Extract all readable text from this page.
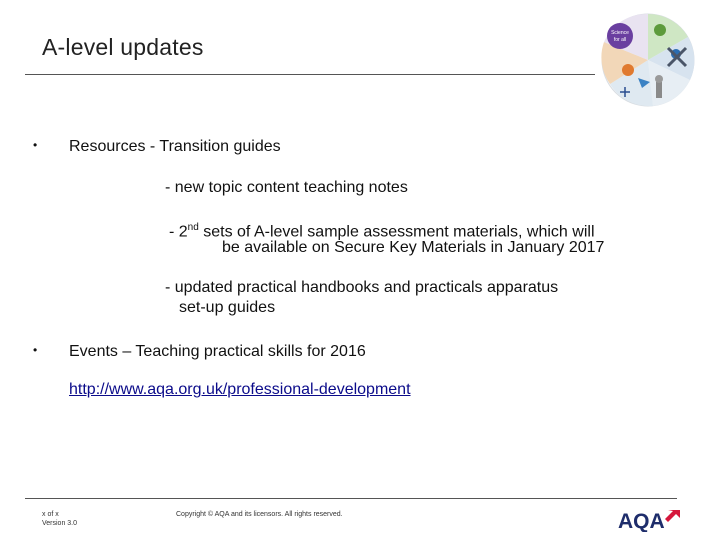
A-level updates
Science
for all
• Resources - Transition guides
- new topic content teaching notes
- 2nd sets of A-level sample assessment materials, which will
be available on Secure Key Materials in January 2017
- updated practical handbooks and practicals apparatus
set-up guides
• Events – Teaching practical skills for 2016
http://www.aqa.org.uk/professional-development
x of x
Version 3.0
Copyright © AQA and its licensors. All rights reserved.	AQA
